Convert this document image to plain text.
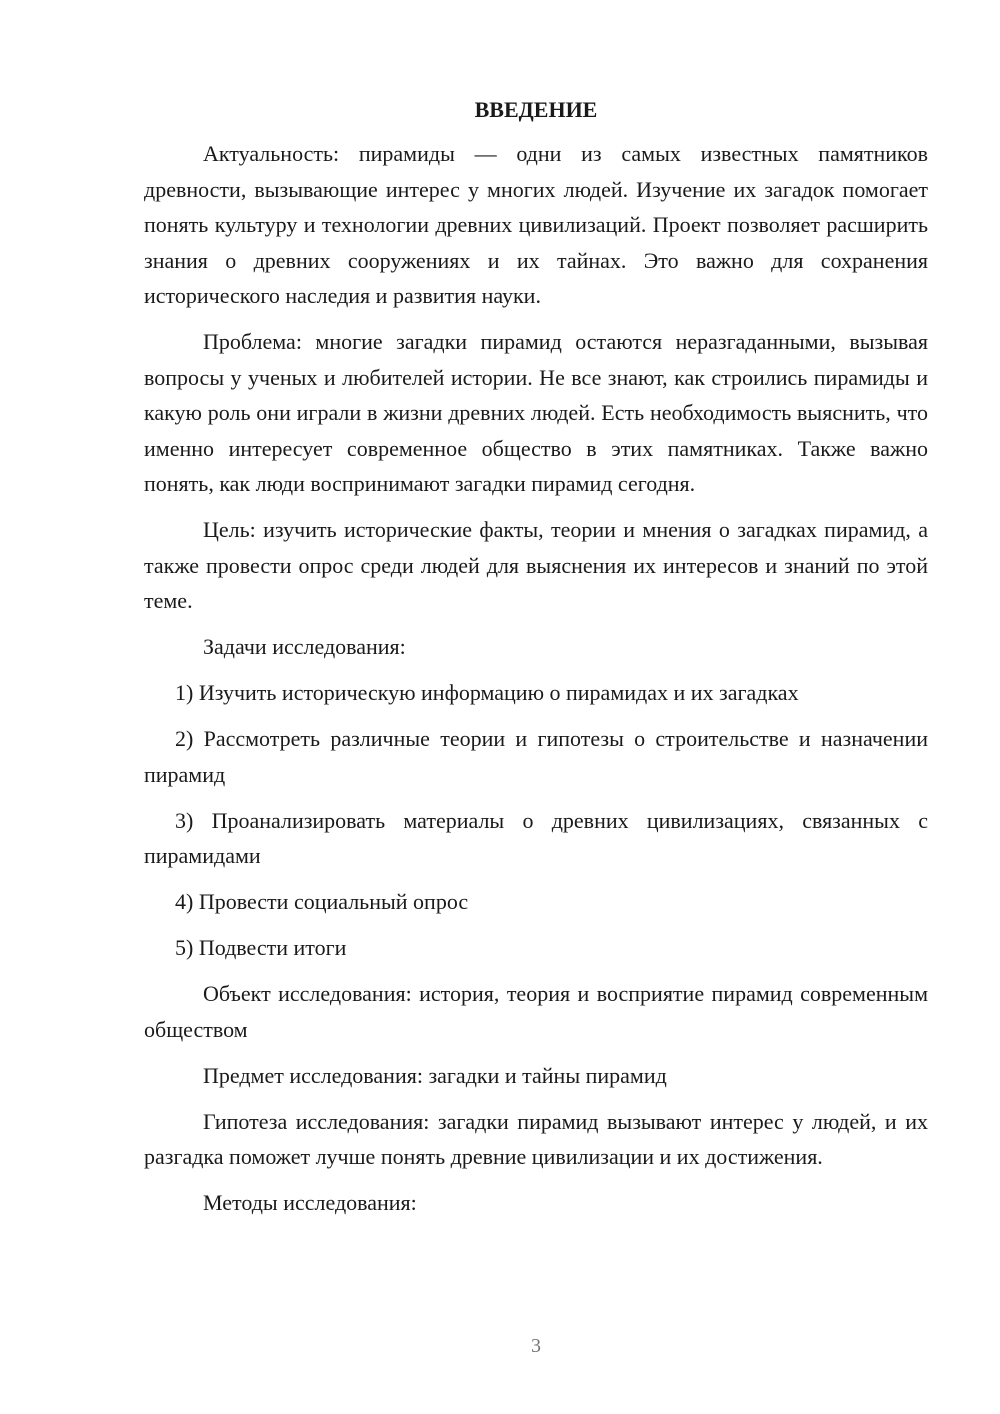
ВВЕДЕНИЕ

Актуальность: пирамиды — одни из самых известных памятников древности, вызывающие интерес у многих людей. Изучение их загадок помогает понять культуру и технологии древних цивилизаций. Проект позволяет расширить знания о древних сооружениях и их тайнах. Это важно для сохранения исторического наследия и развития науки.

Проблема: многие загадки пирамид остаются неразгаданными, вызывая вопросы у ученых и любителей истории. Не все знают, как строились пирамиды и какую роль они играли в жизни древних людей. Есть необходимость выяснить, что именно интересует современное общество в этих памятниках. Также важно понять, как люди воспринимают загадки пирамид сегодня.

Цель: изучить исторические факты, теории и мнения о загадках пирамид, а также провести опрос среди людей для выяснения их интересов и знаний по этой теме.

Задачи исследования:

1) Изучить историческую информацию о пирамидах и их загадках

2) Рассмотреть различные теории и гипотезы о строительстве и назначении пирамид

3) Проанализировать материалы о древних цивилизациях, связанных с пирамидами

4) Провести социальный опрос

5) Подвести итоги

Объект исследования: история, теория и восприятие пирамид современным обществом

Предмет исследования: загадки и тайны пирамид

Гипотеза исследования: загадки пирамид вызывают интерес у людей, и их разгадка поможет лучше понять древние цивилизации и их достижения.

Методы исследования:

3
